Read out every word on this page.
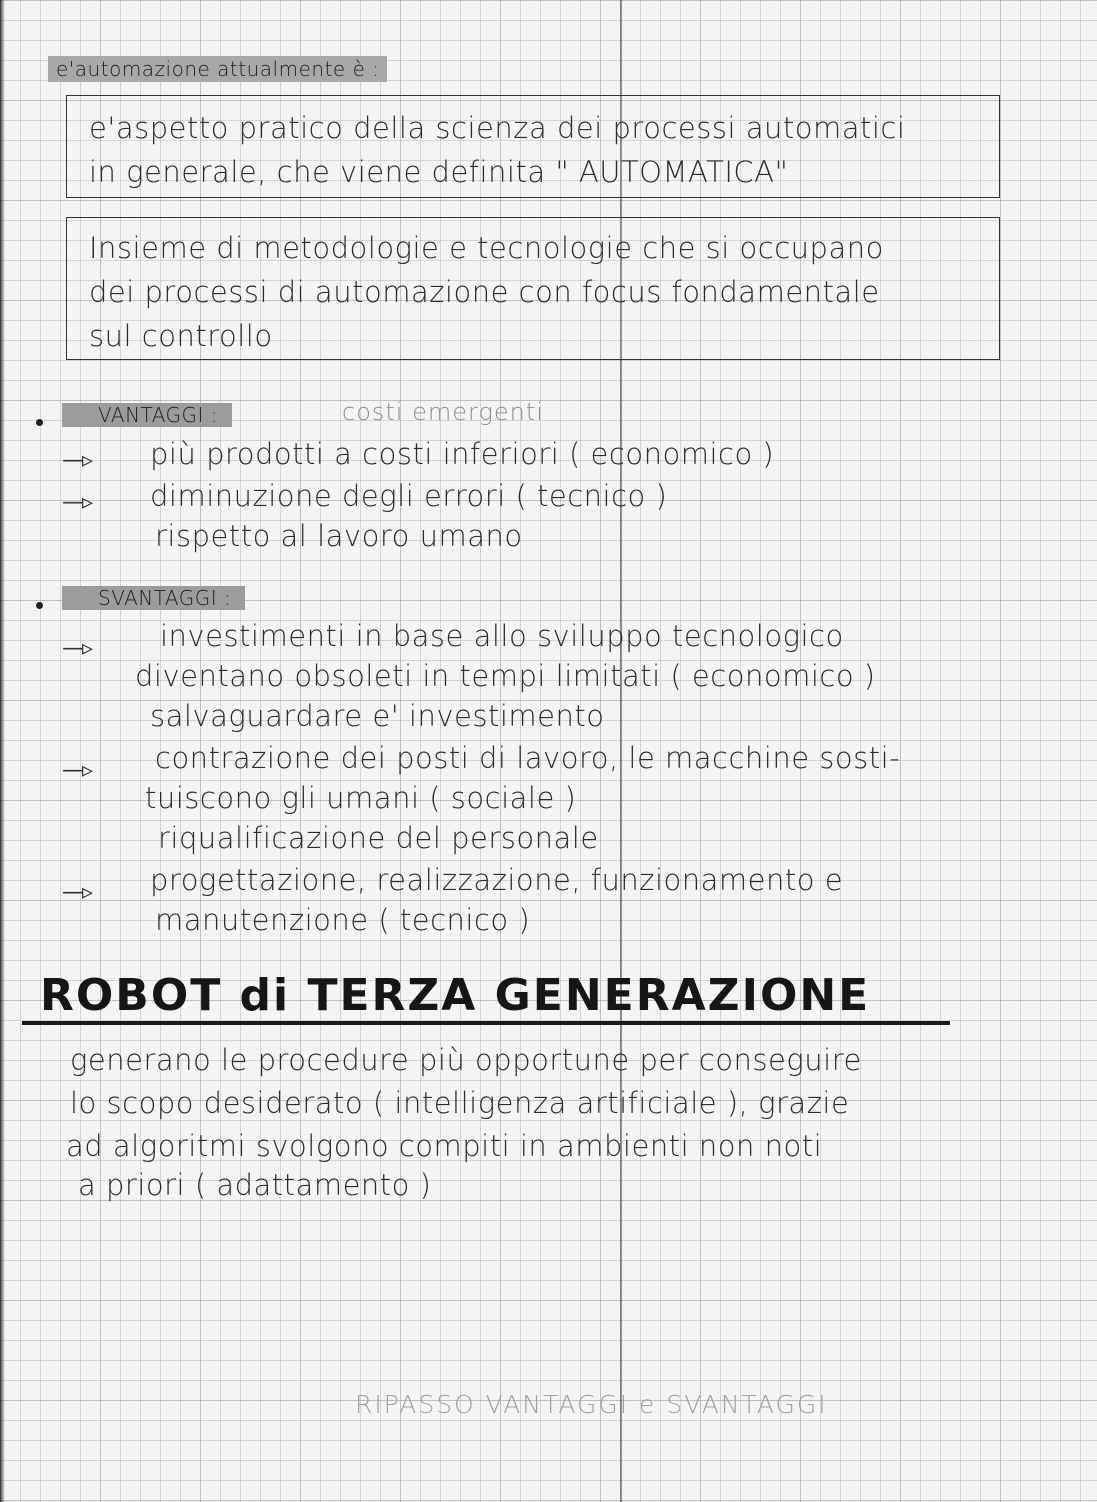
e'automazione attualmente è :

e'aspetto pratico della scienza dei processi automatici

in generale, che viene definita " AUTOMATICA"

Insieme di metodologie e tecnologie che si occupano

dei processi di automazione con focus fondamentale

sul controllo

VANTAGGI :	costi emergenti
—▹ più prodotti a costi inferiori ( economico )
—▹ diminuzione degli errori ( tecnico )
rispetto al lavoro umano
SVANTAGGI :
—▹ investimenti in base allo sviluppo tecnologico
diventano obsoleti in tempi limitati ( economico )
salvaguardare e' investimento
—▹ contrazione dei posti di lavoro, le macchine sosti-
tuiscono gli umani ( sociale )
riqualificazione del personale
—▹ progettazione, realizzazione, funzionamento e
manutenzione ( tecnico )
ROBOT di TERZA GENERAZIONE
generano le procedure più opportune per conseguire
lo scopo desiderato ( intelligenza artificiale ), grazie
ad algoritmi svolgono compiti in ambienti non noti
a priori ( adattamento )
RIPASSO VANTAGGI e SVANTAGGI
